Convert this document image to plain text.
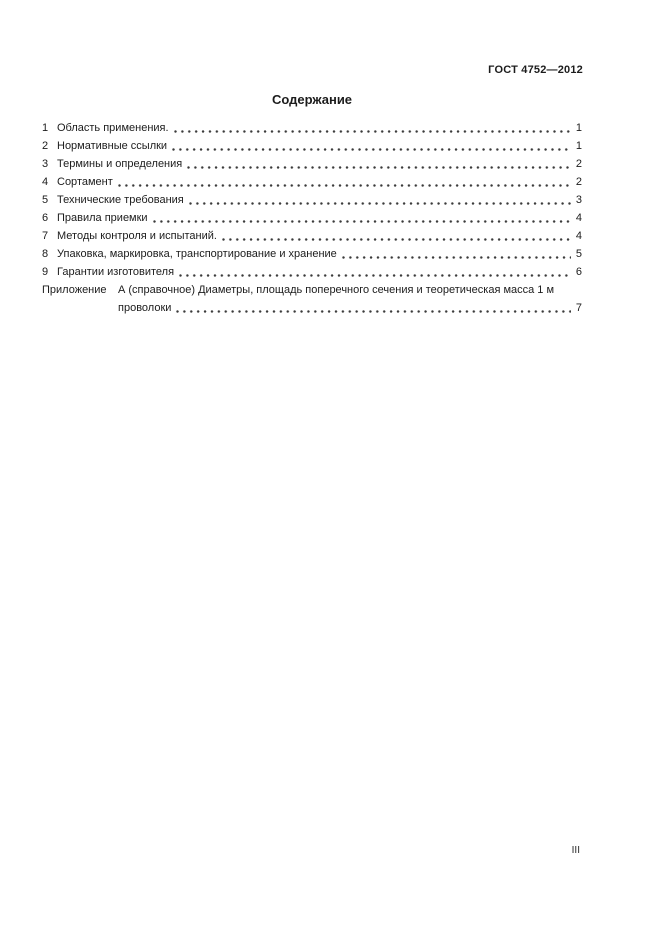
ГОСТ 4752—2012
Содержание
1 Область применения.	1
2 Нормативные ссылки	1
3 Термины и определения	2
4 Сортамент	2
5 Технические требования	3
6 Правила приемки	4
7 Методы контроля и испытаний.	4
8 Упаковка, маркировка, транспортирование и хранение	5
9 Гарантии изготовителя	6
Приложение	А (справочное) Диаметры, площадь поперечного сечения и теоретическая масса 1 м
проволоки	7
III
